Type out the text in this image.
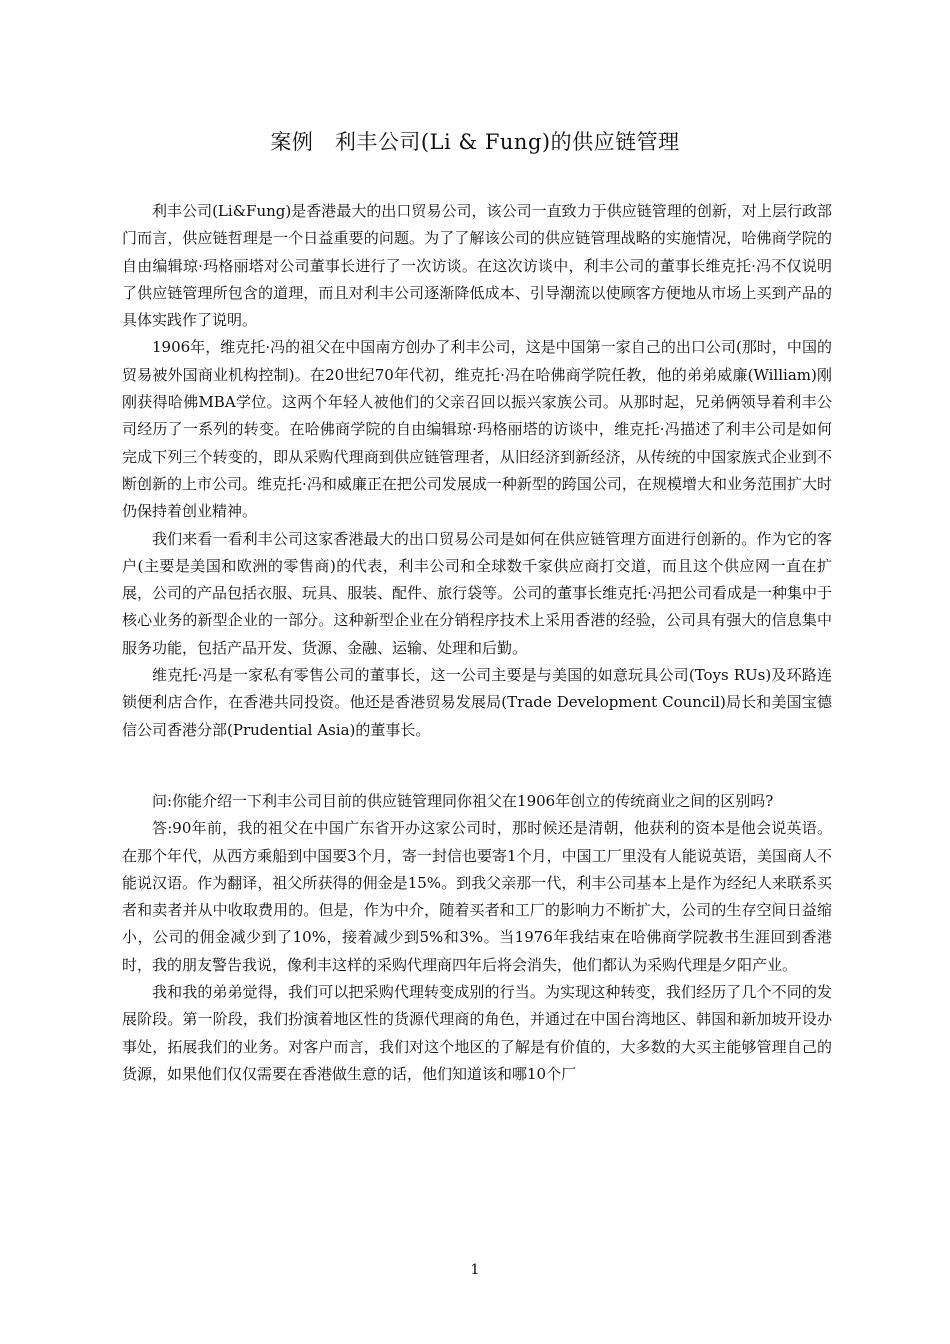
案例　利丰公司(Li & Fung)的供应链管理

利丰公司(Li&Fung)是香港最大的出口贸易公司，该公司一直致力于供应链管理的创新，对上层行政部门而言，供应链哲理是一个日益重要的问题。为了了解该公司的供应链管理战略的实施情况，哈佛商学院的自由编辑琼·玛格丽塔对公司董事长进行了一次访谈。在这次访谈中，利丰公司的董事长维克托·冯不仅说明了供应链管理所包含的道理，而且对利丰公司逐渐降低成本、引导潮流以使顾客方便地从市场上买到产品的具体实践作了说明。

1906年，维克托·冯的祖父在中国南方创办了利丰公司，这是中国第一家自己的出口公司(那时，中国的贸易被外国商业机构控制)。在20世纪70年代初，维克托·冯在哈佛商学院任教，他的弟弟威廉(William)刚刚获得哈佛MBA学位。这两个年轻人被他们的父亲召回以振兴家族公司。从那时起，兄弟俩领导着利丰公司经历了一系列的转变。在哈佛商学院的自由编辑琼·玛格丽塔的访谈中，维克托·冯描述了利丰公司是如何完成下列三个转变的，即从采购代理商到供应链管理者，从旧经济到新经济，从传统的中国家族式企业到不断创新的上市公司。维克托·冯和威廉正在把公司发展成一种新型的跨国公司，在规模增大和业务范围扩大时仍保持着创业精神。

我们来看一看利丰公司这家香港最大的出口贸易公司是如何在供应链管理方面进行创新的。作为它的客户(主要是美国和欧洲的零售商)的代表，利丰公司和全球数千家供应商打交道，而且这个供应网一直在扩展，公司的产品包括衣服、玩具、服装、配件、旅行袋等。公司的董事长维克托·冯把公司看成是一种集中于核心业务的新型企业的一部分。这种新型企业在分销程序技术上采用香港的经验，公司具有强大的信息集中服务功能，包括产品开发、货源、金融、运输、处理和后勤。

维克托·冯是一家私有零售公司的董事长，这一公司主要是与美国的如意玩具公司(Toys RUs)及环路连锁便利店合作，在香港共同投资。他还是香港贸易发展局(Trade Development Council)局长和美国宝德信公司香港分部(Prudential Asia)的董事长。

问:你能介绍一下利丰公司目前的供应链管理同你祖父在1906年创立的传统商业之间的区别吗?

答:90年前，我的祖父在中国广东省开办这家公司时，那时候还是清朝，他获利的资本是他会说英语。在那个年代，从西方乘船到中国要3个月，寄一封信也要寄1个月，中国工厂里没有人能说英语，美国商人不能说汉语。作为翻译，祖父所获得的佣金是15%。到我父亲那一代，利丰公司基本上是作为经纪人来联系买者和卖者并从中收取费用的。但是，作为中介，随着买者和工厂的影响力不断扩大，公司的生存空间日益缩小，公司的佣金减少到了10%，接着减少到5%和3%。当1976年我结束在哈佛商学院教书生涯回到香港时，我的朋友警告我说，像利丰这样的采购代理商四年后将会消失，他们都认为采购代理是夕阳产业。

我和我的弟弟觉得，我们可以把采购代理转变成别的行当。为实现这种转变，我们经历了几个不同的发展阶段。第一阶段，我们扮演着地区性的货源代理商的角色，并通过在中国台湾地区、韩国和新加坡开设办事处，拓展我们的业务。对客户而言，我们对这个地区的了解是有价值的，大多数的大买主能够管理自己的货源，如果他们仅仅需要在香港做生意的话，他们知道该和哪10个厂

1
